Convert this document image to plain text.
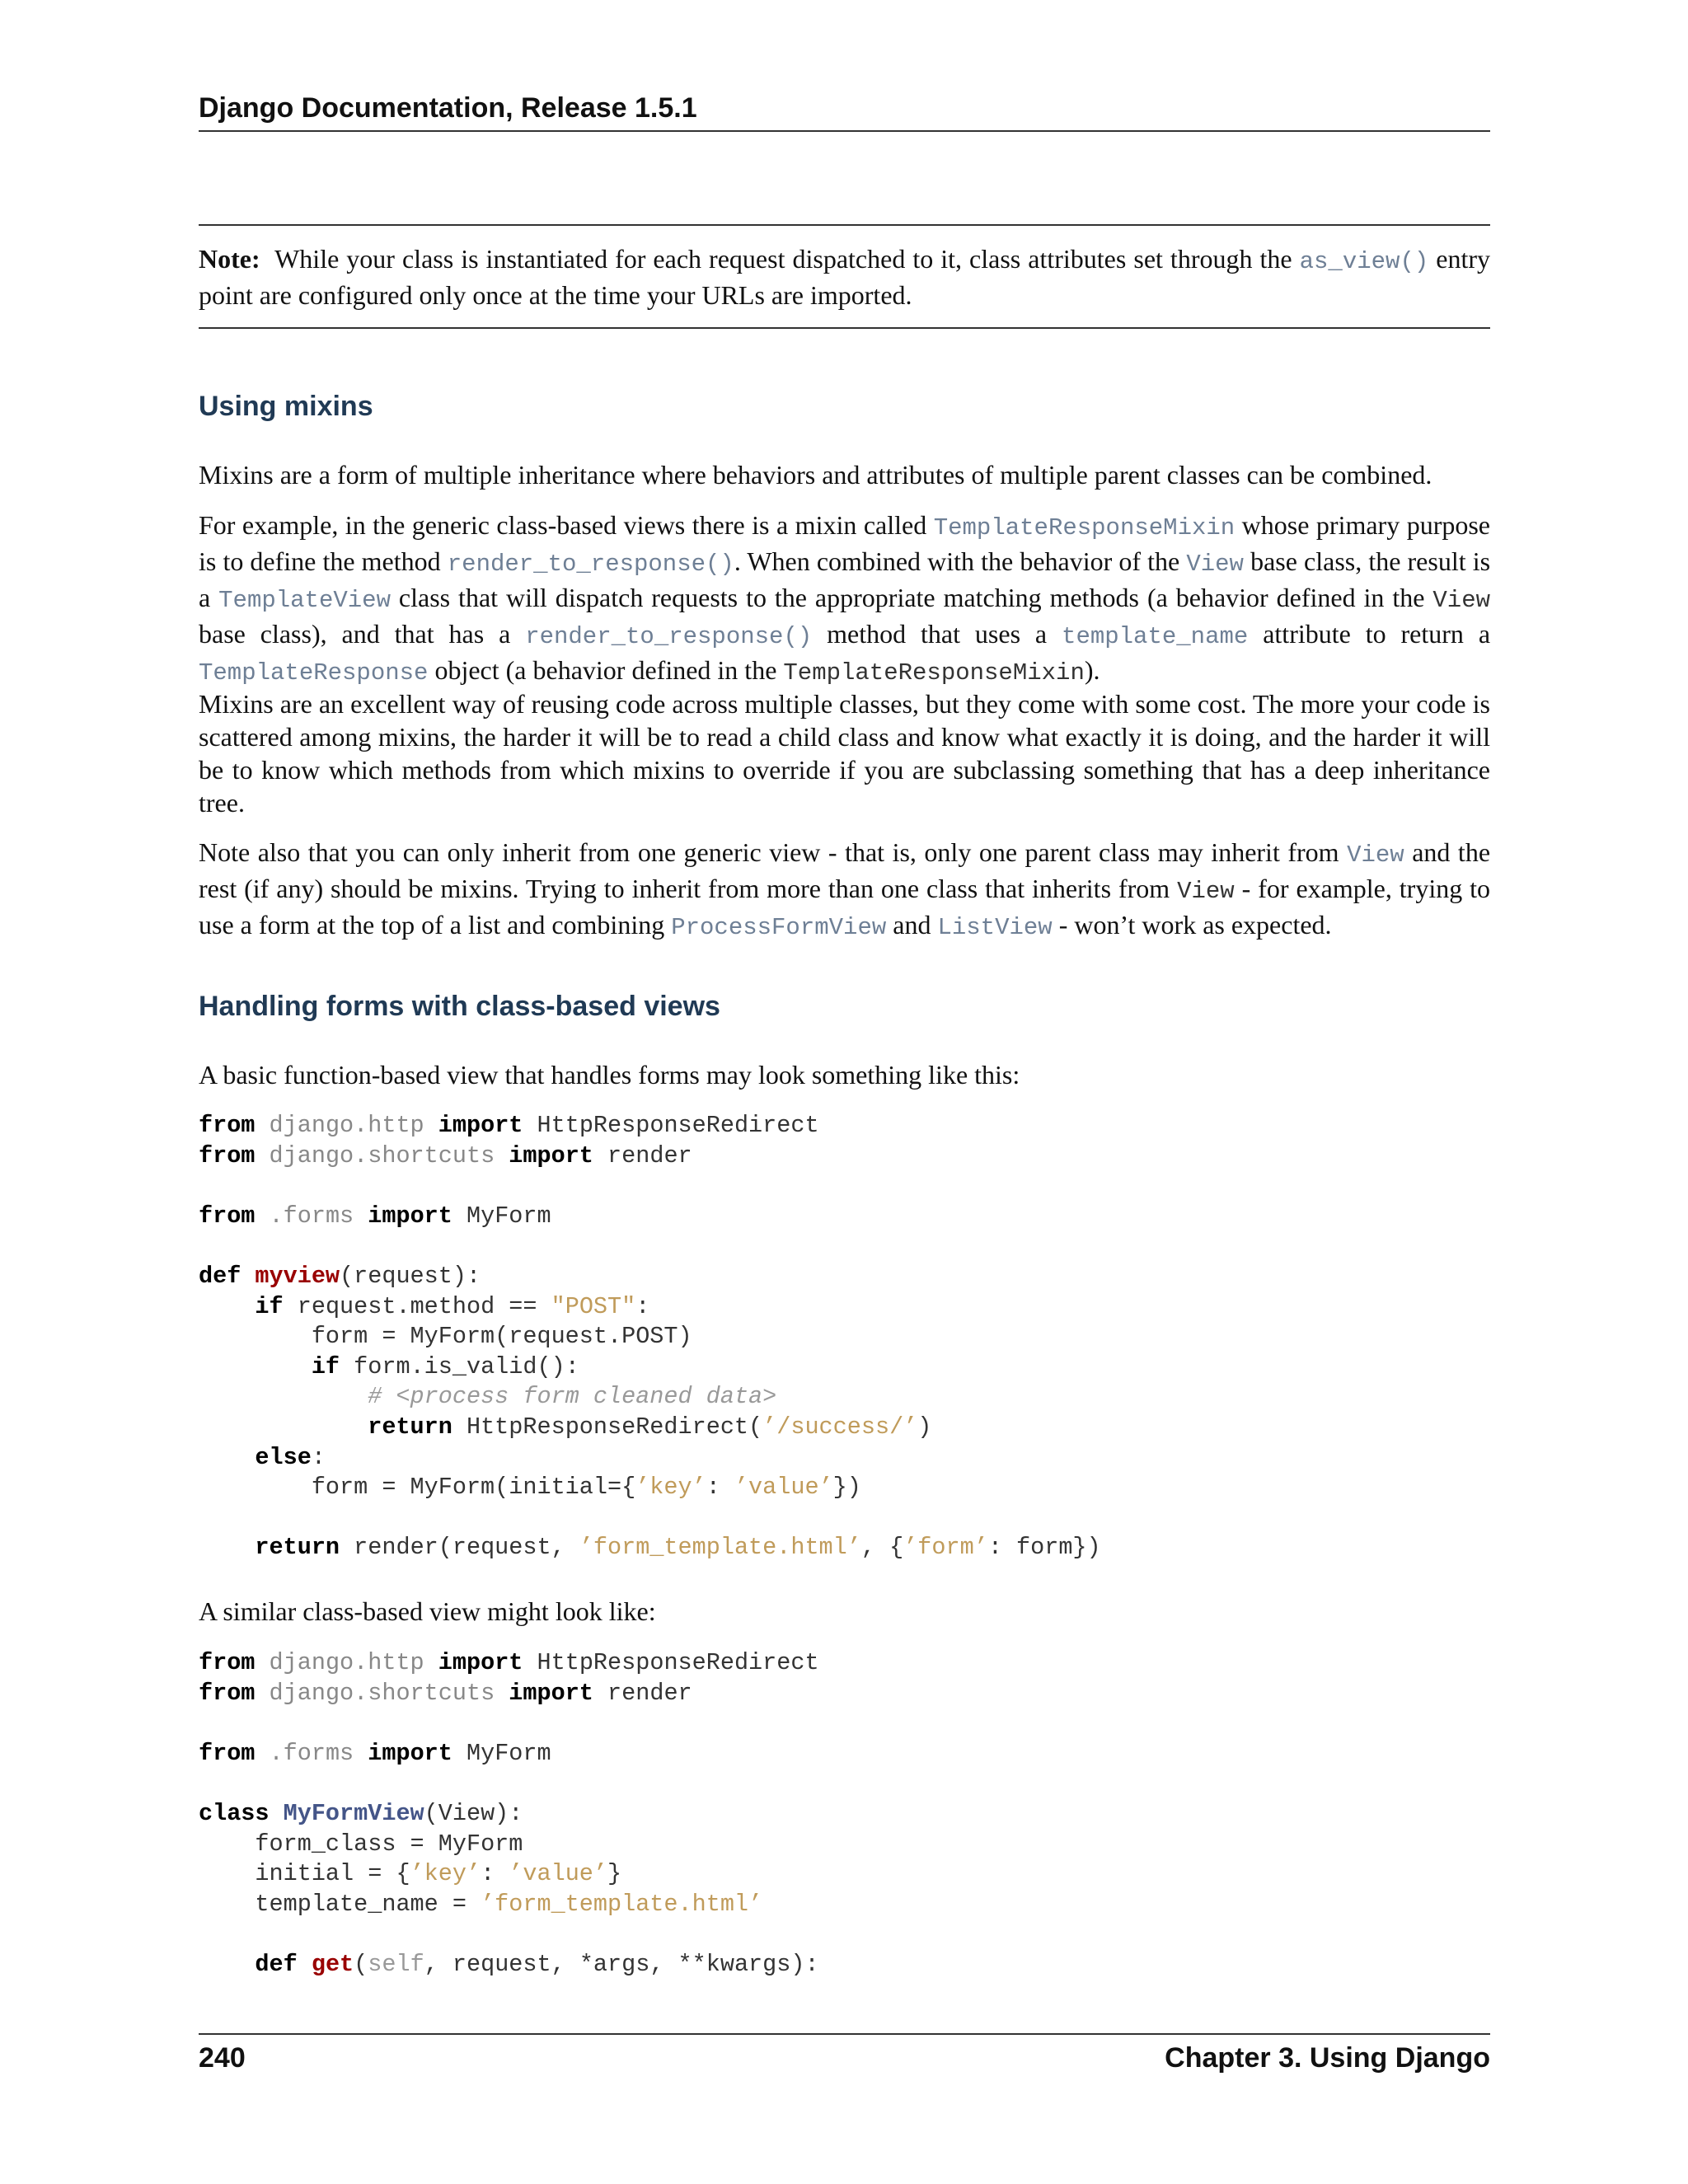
Django Documentation, Release 1.5.1
Note: While your class is instantiated for each request dispatched to it, class attributes set through the as_view() entry point are configured only once at the time your URLs are imported.
Using mixins
Mixins are a form of multiple inheritance where behaviors and attributes of multiple parent classes can be combined.
For example, in the generic class-based views there is a mixin called TemplateResponseMixin whose primary purpose is to define the method render_to_response(). When combined with the behavior of the View base class, the result is a TemplateView class that will dispatch requests to the appropriate matching methods (a behavior defined in the View base class), and that has a render_to_response() method that uses a template_name attribute to return a TemplateResponse object (a behavior defined in the TemplateResponseMixin).
Mixins are an excellent way of reusing code across multiple classes, but they come with some cost. The more your code is scattered among mixins, the harder it will be to read a child class and know what exactly it is doing, and the harder it will be to know which methods from which mixins to override if you are subclassing something that has a deep inheritance tree.
Note also that you can only inherit from one generic view - that is, only one parent class may inherit from View and the rest (if any) should be mixins. Trying to inherit from more than one class that inherits from View - for example, trying to use a form at the top of a list and combining ProcessFormView and ListView - won’t work as expected.
Handling forms with class-based views
A basic function-based view that handles forms may look something like this:
from django.http import HttpResponseRedirect
from django.shortcuts import render

from .forms import MyForm

def myview(request):
if request.method == "POST":
form = MyForm(request.POST)
if form.is_valid():
# <process form cleaned data>
return HttpResponseRedirect(’/success/’)
else:
form = MyForm(initial={’key’: ’value’})

return render(request, ’form_template.html’, {’form’: form})
A similar class-based view might look like:
from django.http import HttpResponseRedirect
from django.shortcuts import render

from .forms import MyForm

class MyFormView(View):
form_class = MyForm
initial = {’key’: ’value’}
template_name = ’form_template.html’

def get(self, request, *args, **kwargs):
240	Chapter 3. Using Django
